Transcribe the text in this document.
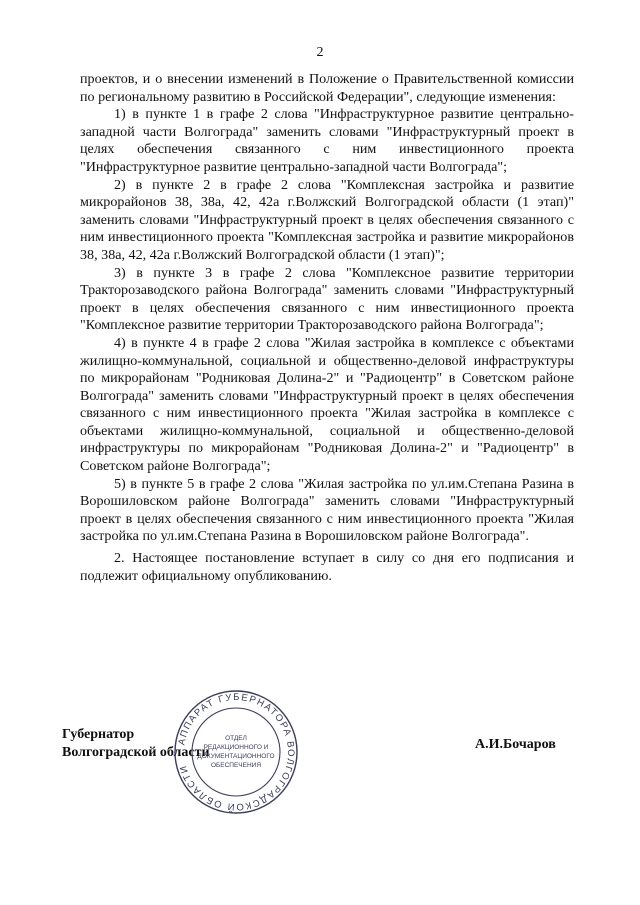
2

проектов, и о внесении изменений в Положение о Правительственной комиссии по региональному развитию в Российской Федерации", следующие изменения:

1) в пункте 1 в графе 2 слова "Инфраструктурное развитие центрально-западной части Волгограда" заменить словами "Инфраструктурный проект в целях обеспечения связанного с ним инвестиционного проекта "Инфраструктурное развитие центрально-западной части Волгограда";

2) в пункте 2 в графе 2 слова "Комплексная застройка и развитие микрорайонов 38, 38а, 42, 42а г.Волжский Волгоградской области (1 этап)" заменить словами "Инфраструктурный проект в целях обеспечения связанного с ним инвестиционного проекта "Комплексная застройка и развитие микрорайонов 38, 38а, 42, 42а г.Волжский Волгоградской области (1 этап)";

3) в пункте 3 в графе 2 слова "Комплексное развитие территории Тракторозаводского района Волгограда" заменить словами "Инфраструктурный проект в целях обеспечения связанного с ним инвестиционного проекта "Комплексное развитие территории Тракторозаводского района Волгограда";

4) в пункте 4 в графе 2 слова "Жилая застройка в комплексе с объектами жилищно-коммунальной, социальной и общественно-деловой инфраструктуры по микрорайонам "Родниковая Долина-2" и "Радиоцентр" в Советском районе Волгограда" заменить словами "Инфраструктурный проект в целях обеспечения связанного с ним инвестиционного проекта "Жилая застройка в комплексе с объектами жилищно-коммунальной, социальной и общественно-деловой инфраструктуры по микрорайонам "Родниковая Долина-2" и "Радиоцентр" в Советском районе Волгограда";

5) в пункте 5 в графе 2 слова "Жилая застройка по ул.им.Степана Разина в Ворошиловском районе Волгограда" заменить словами "Инфраструктурный проект в целях обеспечения связанного с ним инвестиционного проекта "Жилая застройка по ул.им.Степана Разина в Ворошиловском районе Волгограда".

2. Настоящее постановление вступает в силу со дня его подписания и подлежит официальному опубликованию.

Губернатор
Волгоградской области
АППАРАТ ГУБЕРНАТОРА ВОЛГОГРАДСКОЙ ОБЛАСТИ
ОТДЕЛ
РЕДАКЦИОННОГО И
ДОКУМЕНТАЦИОННОГО
ОБЕСПЕЧЕНИЯ
А.И.Бочаров
